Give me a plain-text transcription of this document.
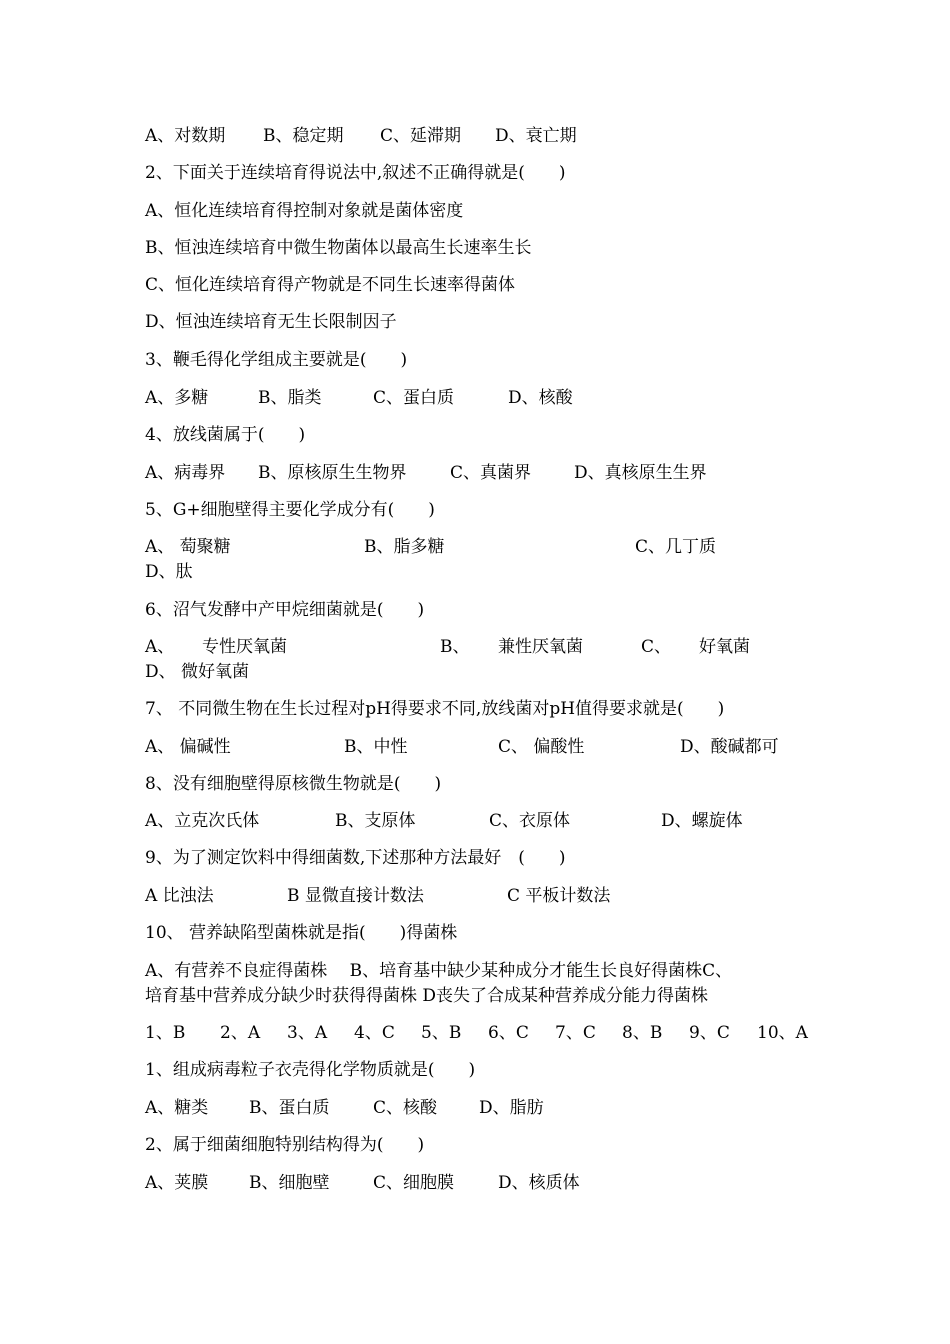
A、对数期 B、稳定期 C、延滞期 D、衰亡期
2、下面关于连续培育得说法中,叙述不正确得就是(　　)
A、恒化连续培育得控制对象就是菌体密度
B、恒浊连续培育中微生物菌体以最高生长速率生长
C、恒化连续培育得产物就是不同生长速率得菌体
D、恒浊连续培育无生长限制因子
3、鞭毛得化学组成主要就是(　　)
A、多糖	B、脂类	C、蛋白质	D、核酸
4、放线菌属于(　　)
A、病毒界 B、原核原生生物界	C、真菌界	D、真核原生生界
5、G+细胞壁得主要化学成分有(　　)
A、 萄聚糖	B、脂多糖	C、几丁质
D、肽
6、沼气发酵中产甲烷细菌就是(　　)
A、 专性厌氧菌	B、 兼性厌氧菌	C、 好氧菌
D、 微好氧菌
7、 不同微生物在生长过程对pH得要求不同,放线菌对pH值得要求就是(　　)
A、 偏碱性	B、中性	C、 偏酸性	D、酸碱都可
8、没有细胞壁得原核微生物就是(　　)
A、立克次氏体	B、支原体	C、衣原体	D、螺旋体
9、为了测定饮料中得细菌数,下述那种方法最好　(　　)
A 比浊法	B 显微直接计数法	C 平板计数法
10、 营养缺陷型菌株就是指(　　)得菌株
A、有营养不良症得菌株　 B、培育基中缺少某种成分才能生长良好得菌株C、
培育基中营养成分缺少时获得得菌株 D丧失了合成某种营养成分能力得菌株
1、B 2、A 3、A 4、C 5、B 6、C 7、C 8、B 9、C 10、A
1、组成病毒粒子衣壳得化学物质就是(　　)
A、糖类 B、蛋白质	C、核酸 D、脂肪
2、属于细菌细胞特别结构得为(　　)
A、荚膜 B、细胞壁	C、细胞膜	D、核质体
